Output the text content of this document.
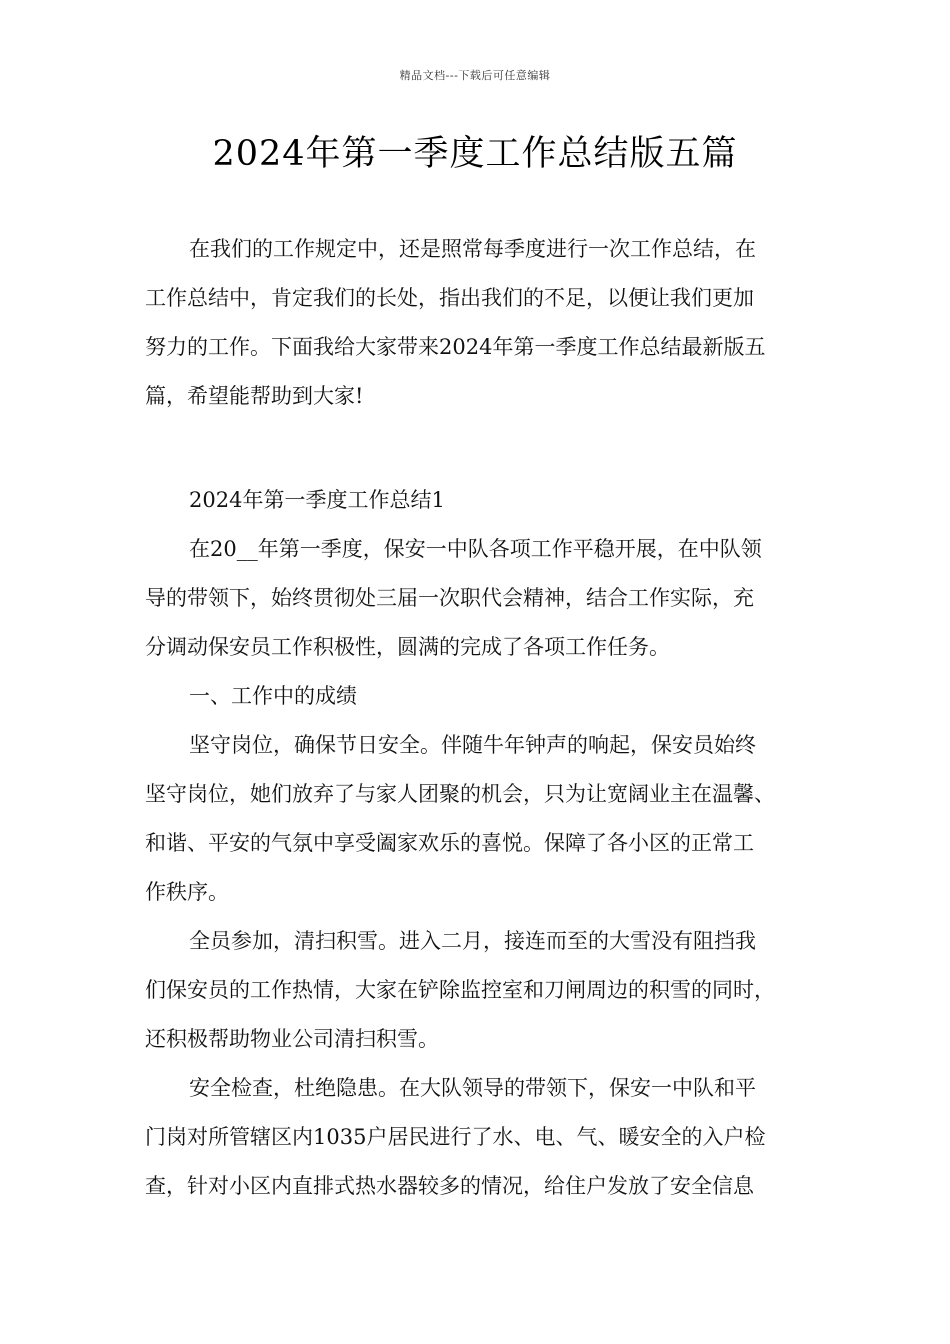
精品文档---下载后可任意编辑
2024年第一季度工作总结版五篇
在我们的工作规定中，还是照常每季度进行一次工作总结，在
工作总结中，肯定我们的长处，指出我们的不足，以便让我们更加
努力的工作。下面我给大家带来2024年第一季度工作总结最新版五
篇，希望能帮助到大家!
2024年第一季度工作总结1
在20__年第一季度，保安一中队各项工作平稳开展，在中队领
导的带领下，始终贯彻处三届一次职代会精神，结合工作实际，充
分调动保安员工作积极性，圆满的完成了各项工作任务。
一、工作中的成绩
坚守岗位，确保节日安全。伴随牛年钟声的响起，保安员始终
坚守岗位，她们放弃了与家人团聚的机会，只为让宽阔业主在温馨、
和谐、平安的气氛中享受阖家欢乐的喜悦。保障了各小区的正常工
作秩序。
全员参加，清扫积雪。进入二月，接连而至的大雪没有阻挡我
们保安员的工作热情，大家在铲除监控室和刀闸周边的积雪的同时，
还积极帮助物业公司清扫积雪。
安全检查，杜绝隐患。在大队领导的带领下，保安一中队和平
门岗对所管辖区内1035户居民进行了水、电、气、暖安全的入户检
查，针对小区内直排式热水器较多的情况，给住户发放了安全信息
